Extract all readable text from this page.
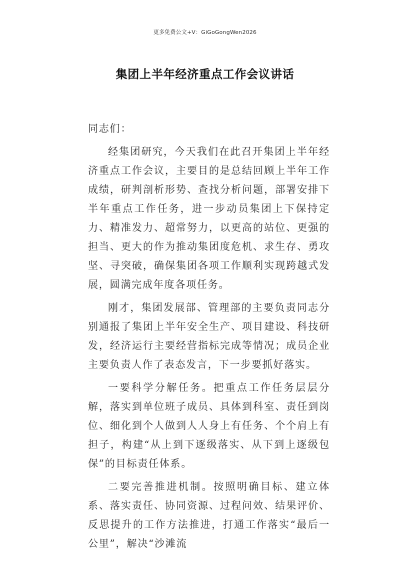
更多免费公文+V：GiGoGongWen2026
集团上半年经济重点工作会议讲话

同志们：

经集团研究，今天我们在此召开集团上半年经济重点工作会议，主要目的是总结回顾上半年工作成绩，研判剖析形势、查找分析问题，部署安排下半年重点工作任务，进一步动员集团上下保持定力、精准发力、超常努力，以更高的站位、更强的担当、更大的作为推动集团度危机、求生存、勇攻坚、寻突破，确保集团各项工作顺利实现跨越式发展，圆满完成年度各项任务。

刚才，集团发展部、管理部的主要负责同志分别通报了集团上半年安全生产、项目建设、科技研发，经济运行主要经营指标完成等情况；成员企业主要负责人作了表态发言，下一步要抓好落实。

一要科学分解任务。把重点工作任务层层分解，落实到单位班子成员、具体到科室、责任到岗位、细化到个人做到人人身上有任务、个个肩上有担子，构建“从上到下逐级落实、从下到上逐级包保”的目标责任体系。

二要完善推进机制。按照明确目标、建立体系、落实责任、协同资源、过程问效、结果评价、反思提升的工作方法推进，打通工作落实“最后一公里”，解决“沙滩流
